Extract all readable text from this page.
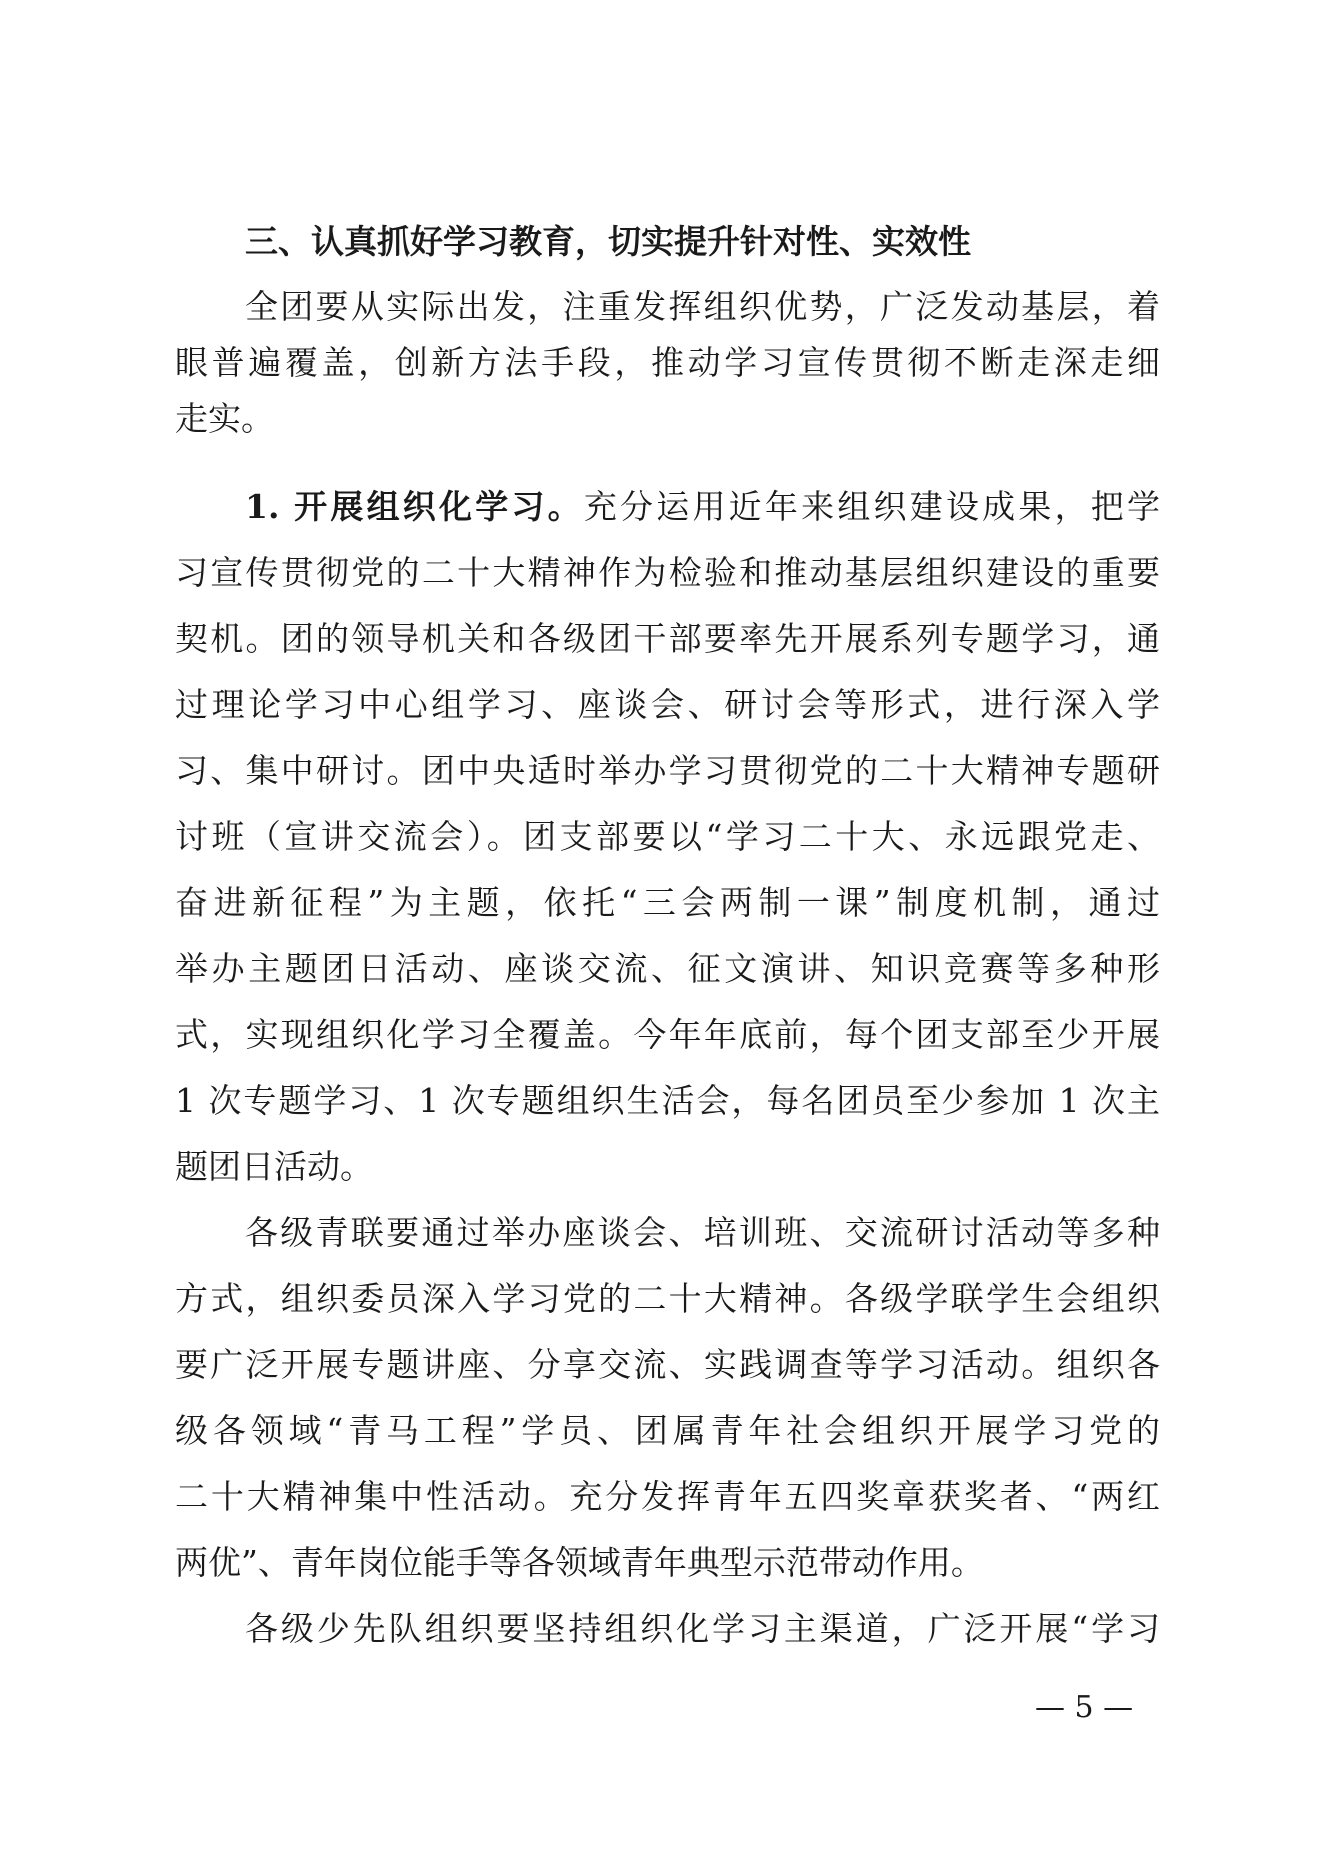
三、认真抓好学习教育，切实提升针对性、实效性
全团要从实际出发，注重发挥组织优势，广泛发动基层，着
眼普遍覆盖，创新方法手段，推动学习宣传贯彻不断走深走细
走实。
1. 开展组织化学习。充分运用近年来组织建设成果，把学
习宣传贯彻党的二十大精神作为检验和推动基层组织建设的重要
契机。团的领导机关和各级团干部要率先开展系列专题学习，通
过理论学习中心组学习、座谈会、研讨会等形式，进行深入学
习、集中研讨。团中央适时举办学习贯彻党的二十大精神专题研
讨班（宣讲交流会）。团支部要以“学习二十大、永远跟党走、
奋进新征程”为主题，依托“三会两制一课”制度机制，通过
举办主题团日活动、座谈交流、征文演讲、知识竞赛等多种形
式，实现组织化学习全覆盖。今年年底前，每个团支部至少开展
1 次专题学习、1 次专题组织生活会，每名团员至少参加 1 次主
题团日活动。
各级青联要通过举办座谈会、培训班、交流研讨活动等多种
方式，组织委员深入学习党的二十大精神。各级学联学生会组织
要广泛开展专题讲座、分享交流、实践调查等学习活动。组织各
级各领域“青马工程”学员、团属青年社会组织开展学习党的
二十大精神集中性活动。充分发挥青年五四奖章获奖者、“两红
两优”、青年岗位能手等各领域青年典型示范带动作用。
各级少先队组织要坚持组织化学习主渠道，广泛开展“学习
— 5 —
